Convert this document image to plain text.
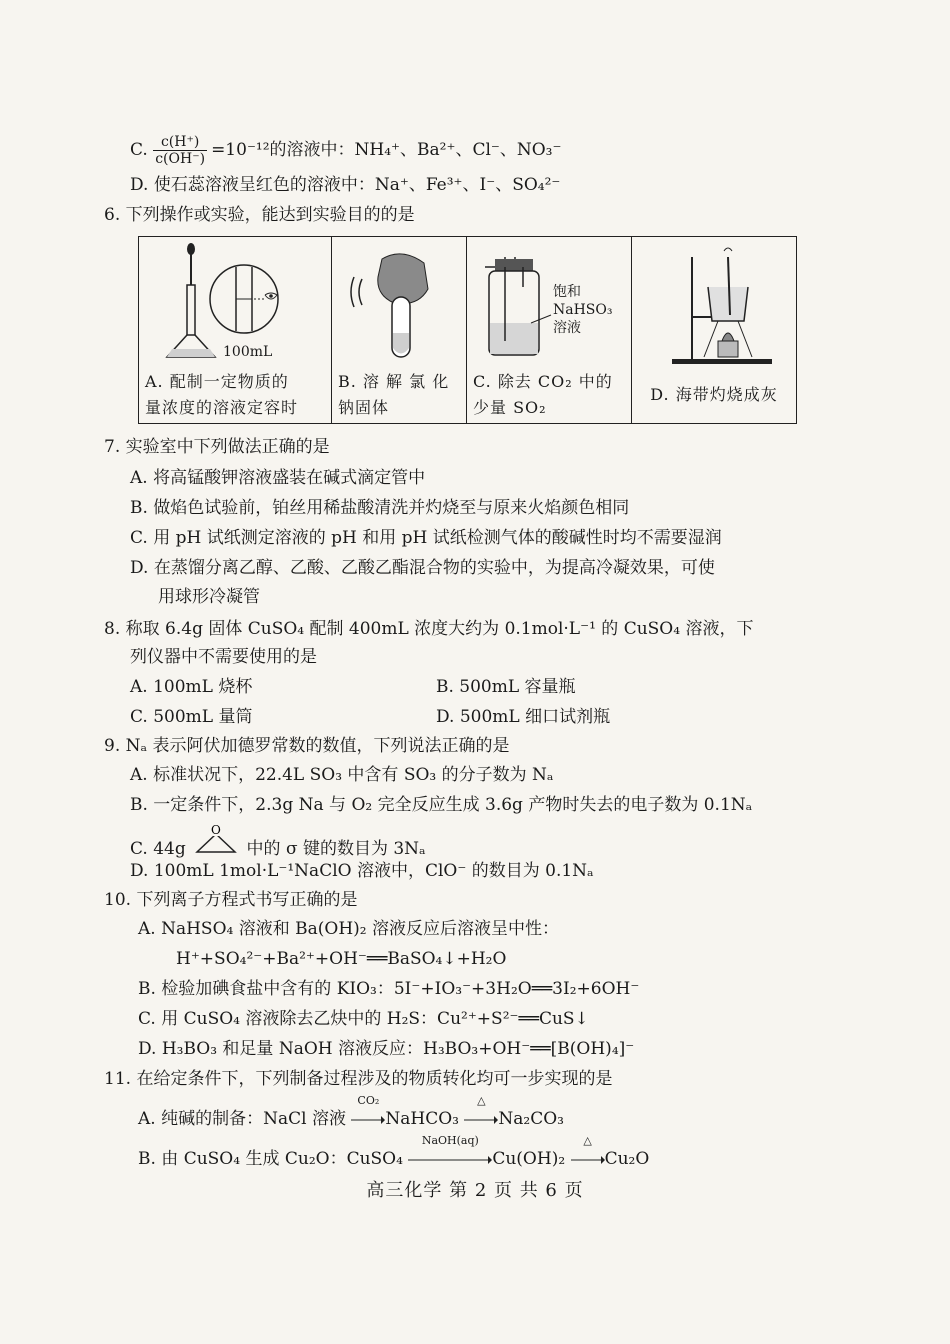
C. $\frac{c(H^+)}{c(OH^-)} =10^{-12}$的溶液中：NH₄⁺、Ba²⁺、Cl⁻、NO₃⁻
D. 使石蕊溶液呈红色的溶液中：Na⁺、Fe³⁺、I⁻、SO₄²⁻
6. 下列操作或实验，能达到实验目的的是
100mL
A. 配制一定物质的
量浓度的溶液定容时

B. 溶 解 氯 化
钠固体

饱和
NaHSO₃
溶液
C. 除去 CO₂ 中的
少量 SO₂

D. 海带灼烧成灰
7. 实验室中下列做法正确的是
A. 将高锰酸钾溶液盛装在碱式滴定管中
B. 做焰色试验前，铂丝用稀盐酸清洗并灼烧至与原来火焰颜色相同
C. 用 pH 试纸测定溶液的 pH 和用 pH 试纸检测气体的酸碱性时均不需要湿润
D. 在蒸馏分离乙醇、乙酸、乙酸乙酯混合物的实验中，为提高冷凝效果，可使
用球形冷凝管
8. 称取 6.4g 固体 CuSO₄ 配制 400mL 浓度大约为 0.1mol·L⁻¹ 的 CuSO₄ 溶液，下
列仪器中不需要使用的是
A. 100mL 烧杯	B. 500mL 容量瓶
C. 500mL 量筒	D. 500mL 细口试剂瓶
9. Nₐ 表示阿伏加德罗常数的数值，下列说法正确的是
A. 标准状况下，22.4L SO₃ 中含有 SO₃ 的分子数为 Nₐ
B. 一定条件下，2.3g Na 与 O₂ 完全反应生成 3.6g 产物时失去的电子数为 0.1Nₐ
C. 44g
O
中的 σ 键的数目为 3Nₐ
D. 100mL 1mol·L⁻¹NaClO 溶液中，ClO⁻ 的数目为 0.1Nₐ
10. 下列离子方程式书写正确的是
A. NaHSO₄ 溶液和 Ba(OH)₂ 溶液反应后溶液呈中性：
H⁺+SO₄²⁻+Ba²⁺+OH⁻══BaSO₄↓+H₂O
B. 检验加碘食盐中含有的 KIO₃：5I⁻+IO₃⁻+3H₂O══3I₂+6OH⁻
C. 用 CuSO₄ 溶液除去乙炔中的 H₂S：Cu²⁺+S²⁻══CuS↓
D. H₃BO₃ 和足量 NaOH 溶液反应：H₃BO₃+OH⁻══[B(OH)₄]⁻
11. 在给定条件下，下列制备过程涉及的物质转化均可一步实现的是
A. 纯碱的制备：NaCl 溶液
CO₂
NaHCO₃
△
Na₂CO₃
B. 由 CuSO₄ 生成 Cu₂O：CuSO₄
NaOH(aq)
Cu(OH)₂
△
Cu₂O
高三化学 第 2 页 共 6 页
